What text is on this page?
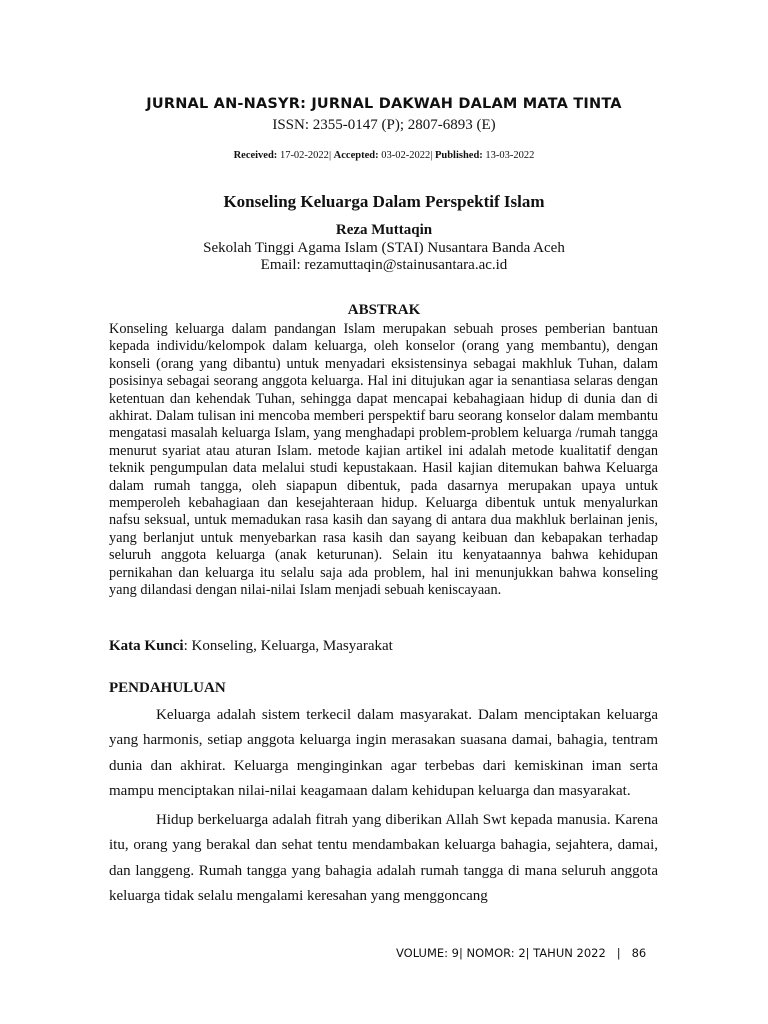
JURNAL AN-NASYR: JURNAL DAKWAH DALAM MATA TINTA
ISSN: 2355-0147 (P); 2807-6893 (E)
Received: 17-02-2022| Accepted: 03-02-2022| Published: 13-03-2022
Konseling Keluarga Dalam Perspektif Islam
Reza Muttaqin
Sekolah Tinggi Agama Islam (STAI) Nusantara Banda Aceh
Email: rezamuttaqin@stainusantara.ac.id
ABSTRAK

Konseling keluarga dalam pandangan Islam merupakan sebuah proses pemberian bantuan kepada individu/kelompok dalam keluarga, oleh konselor (orang yang membantu), dengan konseli (orang yang dibantu) untuk menyadari eksistensinya sebagai makhluk Tuhan, dalam posisinya sebagai seorang anggota keluarga. Hal ini ditujukan agar ia senantiasa selaras dengan ketentuan dan kehendak Tuhan, sehingga dapat mencapai kebahagiaan hidup di dunia dan di akhirat. Dalam tulisan ini mencoba memberi perspektif baru seorang konselor dalam membantu mengatasi masalah keluarga Islam, yang menghadapi problem-problem keluarga /rumah tangga menurut syariat atau aturan Islam. metode kajian artikel ini adalah metode kualitatif dengan teknik pengumpulan data melalui studi kepustakaan. Hasil kajian ditemukan bahwa Keluarga dalam rumah tangga, oleh siapapun dibentuk, pada dasarnya merupakan upaya untuk memperoleh kebahagiaan dan kesejahteraan hidup. Keluarga dibentuk untuk menyalurkan nafsu seksual, untuk memadukan rasa kasih dan sayang di antara dua makhluk berlainan jenis, yang berlanjut untuk menyebarkan rasa kasih dan sayang keibuan dan kebapakan terhadap seluruh anggota keluarga (anak keturunan). Selain itu kenyataannya bahwa kehidupan pernikahan dan keluarga itu selalu saja ada problem, hal ini menunjukkan bahwa konseling yang dilandasi dengan nilai-nilai Islam menjadi sebuah keniscayaan.

Kata Kunci: Konseling, Keluarga, Masyarakat
PENDAHULUAN

Keluarga adalah sistem terkecil dalam masyarakat. Dalam menciptakan keluarga yang harmonis, setiap anggota keluarga ingin merasakan suasana damai, bahagia, tentram dunia dan akhirat. Keluarga menginginkan agar terbebas dari kemiskinan iman serta mampu menciptakan nilai-nilai keagamaan dalam kehidupan keluarga dan masyarakat.

Hidup berkeluarga adalah fitrah yang diberikan Allah Swt kepada manusia. Karena itu, orang yang berakal dan sehat tentu mendambakan keluarga bahagia, sejahtera, damai, dan langgeng. Rumah tangga yang bahagia adalah rumah tangga di mana seluruh anggota keluarga tidak selalu mengalami keresahan yang menggoncang

VOLUME: 9| NOMOR: 2| TAHUN 2022 | 86
